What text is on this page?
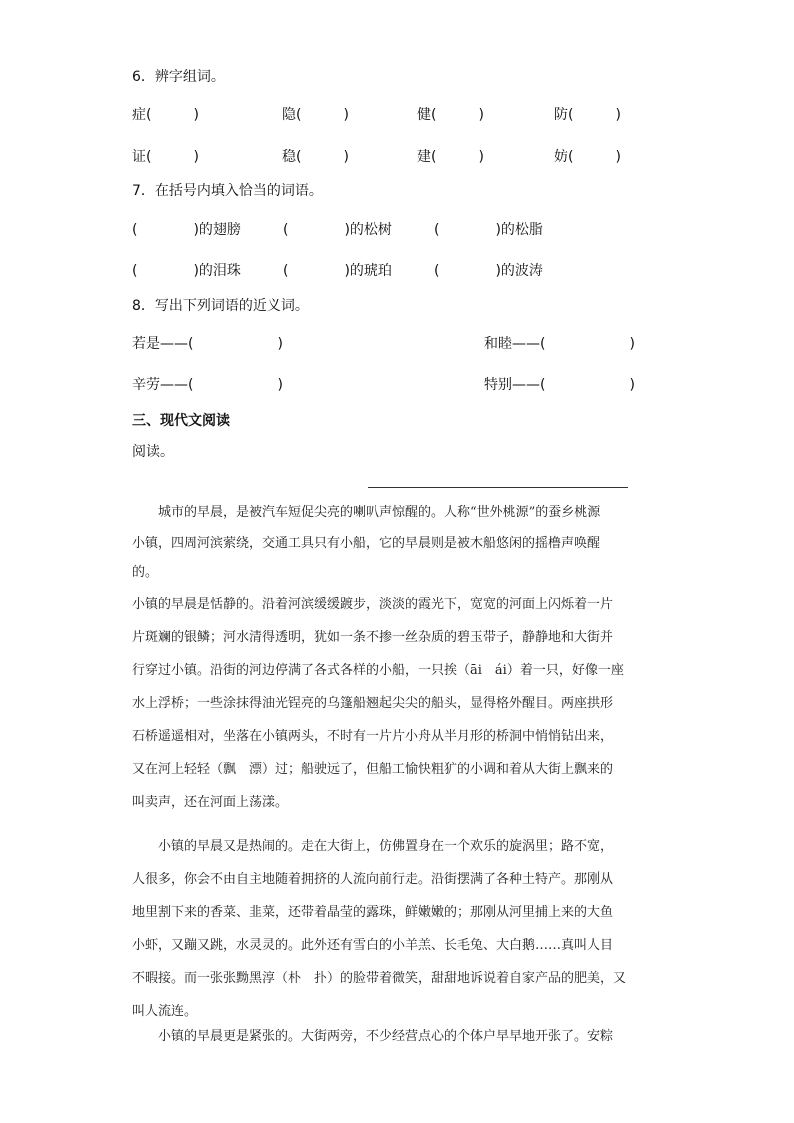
6．辨字组词。
症(　　　)	隐(　　　)	健(　　　)	防(　　　)
证(　　　)	稳(　　　)	建(　　　)	妨(　　　)
7．在括号内填入恰当的词语。
(　　　　)的翅膀	(　　　　)的松树	(　　　　)的松脂
(　　　　)的泪珠	(　　　　)的琥珀	(　　　　)的波涛
8．写出下列词语的近义词。
若是——(　　　　　　)	和睦——(　　　　　　)
辛劳——(　　　　　　)	特别——(　　　　　　)
三、现代文阅读
阅读。
　　城市的早晨，是被汽车短促尖亮的喇叭声惊醒的。人称“世外桃源”的蚕乡桃源
小镇，四周河滨萦绕，交通工具只有小船，它的早晨则是被木船悠闲的摇橹声唤醒
的。
小镇的早晨是恬静的。沿着河滨缓缓踱步，淡淡的霞光下，宽宽的河面上闪烁着一片
片斑斓的银鳞；河水清得透明，犹如一条不掺一丝杂质的碧玉带子，静静地和大街并
行穿过小镇。沿街的河边停满了各式各样的小船，一只挨（āi　ái）着一只，好像一座
水上浮桥；一些涂抹得油光锃亮的乌篷船翘起尖尖的船头，显得格外醒目。两座拱形
石桥遥遥相对，坐落在小镇两头，不时有一片片小舟从半月形的桥洞中悄悄钻出来，
又在河上轻轻（飘　漂）过；船驶远了，但船工愉快粗犷的小调和着从大街上飘来的
叫卖声，还在河面上荡漾。
　　小镇的早晨又是热闹的。走在大街上，仿佛置身在一个欢乐的旋涡里；路不宽，
人很多，你会不由自主地随着拥挤的人流向前行走。沿街摆满了各种土特产。那刚从
地里割下来的香菜、韭菜，还带着晶莹的露珠，鲜嫩嫩的；那刚从河里捕上来的大鱼
小虾，又蹦又跳，水灵灵的。此外还有雪白的小羊羔、长毛兔、大白鹅……真叫人目
不暇接。而一张张黝黑淳（朴　扑）的脸带着微笑，甜甜地诉说着自家产品的肥美，又
叫人流连。
　　小镇的早晨更是紧张的。大街两旁，不少经营点心的个体户早早地开张了。安粽
